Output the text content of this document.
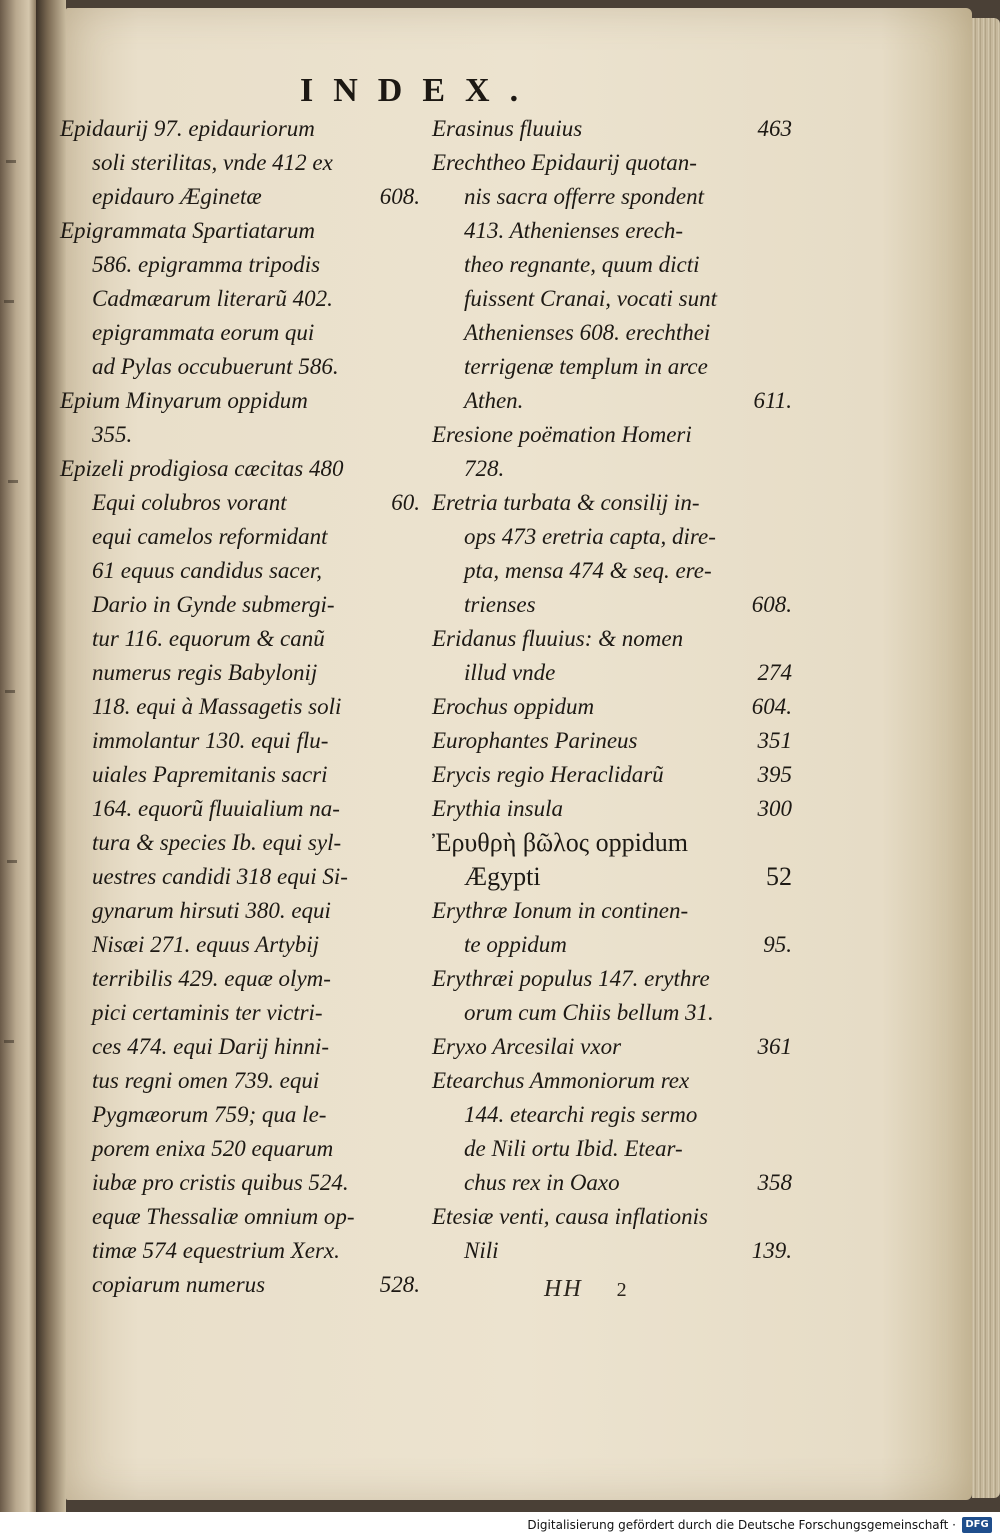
INDEX.
Epidaurij 97. epidauriorum
soli sterilitas, vnde 412 ex
epidauro Æginetæ	608.
Epigrammata Spartiatarum
586. epigramma tripodis
Cadmæarum literarũ 402.
epigrammata eorum qui
ad Pylas occubuerunt 586.
Epium Minyarum oppidum
355.
Epizeli prodigiosa cæcitas 480
Equi colubros vorant	60.
equi camelos reformidant
61 equus candidus sacer,
Dario in Gynde submergi-
tur 116. equorum & canũ
numerus regis Babylonij
118. equi à Massagetis soli
immolantur 130. equi flu-
uiales Papremitanis sacri
164. equorũ fluuialium na-
tura & species Ib. equi syl-
uestres candidi 318 equi Si-
gynarum hirsuti 380. equi
Nisæi 271. equus Artybij
terribilis 429. equæ olym-
pici certaminis ter victri-
ces 474. equi Darij hinni-
tus regni omen 739. equi
Pygmæorum 759; qua le-
porem enixa 520 equarum
iubæ pro cristis quibus 524.
equæ Thessaliæ omnium op-
timæ 574 equestrium Xerx.
copiarum numerus	528.
Erasinus fluuius	463
Erechtheo Epidaurij quotan-
nis sacra offerre spondent
413. Athenienses erech-
theo regnante, quum dicti
fuissent Cranai, vocati sunt
Athenienses 608. erechthei
terrigenæ templum in arce
Athen.	611.
Eresione poëmation Homeri
728.
Eretria turbata & consilij in-
ops 473 eretria capta, dire-
pta, mensa 474 & seq. ere-
trienses	608.
Eridanus fluuius: & nomen
illud vnde	274
Erochus oppidum	604.
Europhantes Parineus	351
Erycis regio Heraclidarũ	395
Erythia insula	300
Ἐρυθρὴ βῶλος oppidum
Ægypti	52
Erythræ Ionum in continen-
te oppidum	95.
Erythræi populus 147. erythre
orum cum Chiis bellum 31.
Eryxo Arcesilai vxor	361
Etearchus Ammoniorum rex
144. etearchi regis sermo
de Nili ortu Ibid. Etear-
chus rex in Oaxo	358
Etesiæ venti, causa inflationis
Nili	139.
HH 2
Digitalisierung gefördert durch die Deutsche Forschungsgemeinschaft · DFG
